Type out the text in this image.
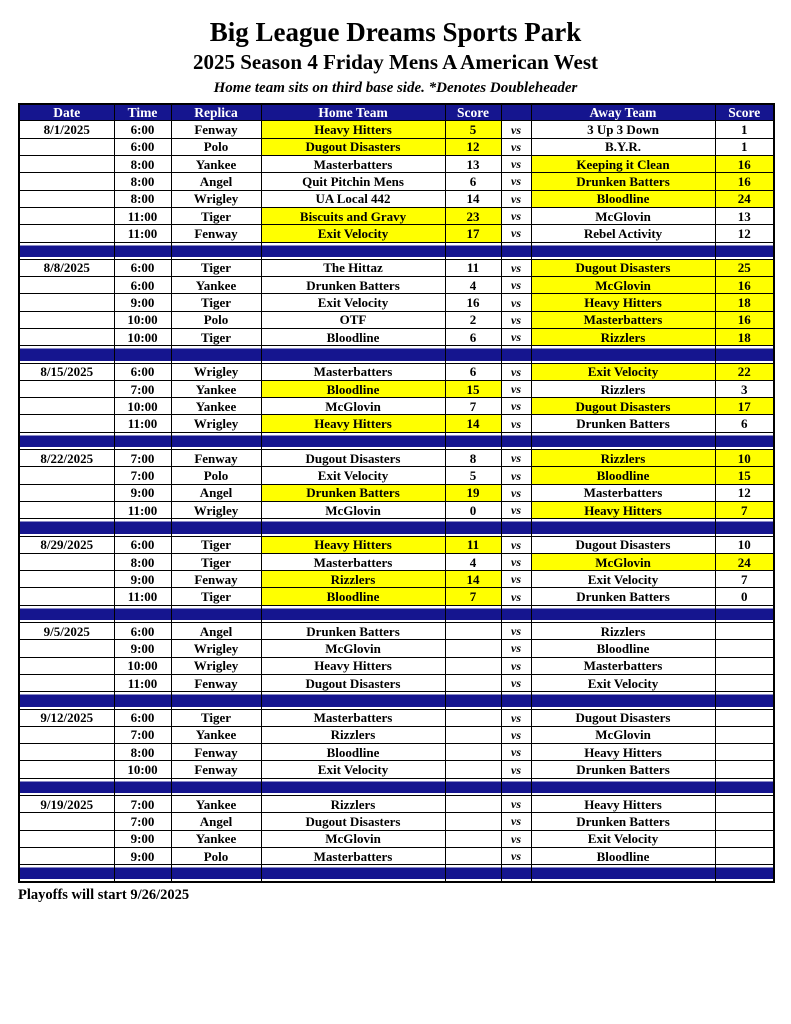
Big League Dreams Sports Park
2025 Season 4 Friday Mens A American West
Home team sits on third base side. *Denotes Doubleheader
Date	Time	Replica	Home Team	Score		Away Team	Score
8/1/2025	6:00	Fenway	Heavy Hitters	5	vs	3 Up 3 Down	1
	6:00	Polo	Dugout Disasters	12	vs	B.Y.R.	1
	8:00	Yankee	Masterbatters	13	vs	Keeping it Clean	16
	8:00	Angel	Quit Pitchin Mens	6	vs	Drunken Batters	16
	8:00	Wrigley	UA Local 442	14	vs	Bloodline	24
	11:00	Tiger	Biscuits and Gravy	23	vs	McGlovin	13
	11:00	Fenway	Exit Velocity	17	vs	Rebel Activity	12

8/8/2025	6:00	Tiger	The Hittaz	11	vs	Dugout Disasters	25
	6:00	Yankee	Drunken Batters	4	vs	McGlovin	16
	9:00	Tiger	Exit Velocity	16	vs	Heavy Hitters	18
	10:00	Polo	OTF	2	vs	Masterbatters	16
	10:00	Tiger	Bloodline	6	vs	Rizzlers	18

8/15/2025	6:00	Wrigley	Masterbatters	6	vs	Exit Velocity	22
	7:00	Yankee	Bloodline	15	vs	Rizzlers	3
	10:00	Yankee	McGlovin	7	vs	Dugout Disasters	17
	11:00	Wrigley	Heavy Hitters	14	vs	Drunken Batters	6

8/22/2025	7:00	Fenway	Dugout Disasters	8	vs	Rizzlers	10
	7:00	Polo	Exit Velocity	5	vs	Bloodline	15
	9:00	Angel	Drunken Batters	19	vs	Masterbatters	12
	11:00	Wrigley	McGlovin	0	vs	Heavy Hitters	7

8/29/2025	6:00	Tiger	Heavy Hitters	11	vs	Dugout Disasters	10
	8:00	Tiger	Masterbatters	4	vs	McGlovin	24
	9:00	Fenway	Rizzlers	14	vs	Exit Velocity	7
	11:00	Tiger	Bloodline	7	vs	Drunken Batters	0

9/5/2025	6:00	Angel	Drunken Batters		vs	Rizzlers	
	9:00	Wrigley	McGlovin		vs	Bloodline	
	10:00	Wrigley	Heavy Hitters		vs	Masterbatters	
	11:00	Fenway	Dugout Disasters		vs	Exit Velocity	

9/12/2025	6:00	Tiger	Masterbatters		vs	Dugout Disasters	
	7:00	Yankee	Rizzlers		vs	McGlovin	
	8:00	Fenway	Bloodline		vs	Heavy Hitters	
	10:00	Fenway	Exit Velocity		vs	Drunken Batters	

9/19/2025	7:00	Yankee	Rizzlers		vs	Heavy Hitters	
	7:00	Angel	Dugout Disasters		vs	Drunken Batters	
	9:00	Yankee	McGlovin		vs	Exit Velocity	
	9:00	Polo	Masterbatters		vs	Bloodline	

Playoffs will start 9/26/2025
